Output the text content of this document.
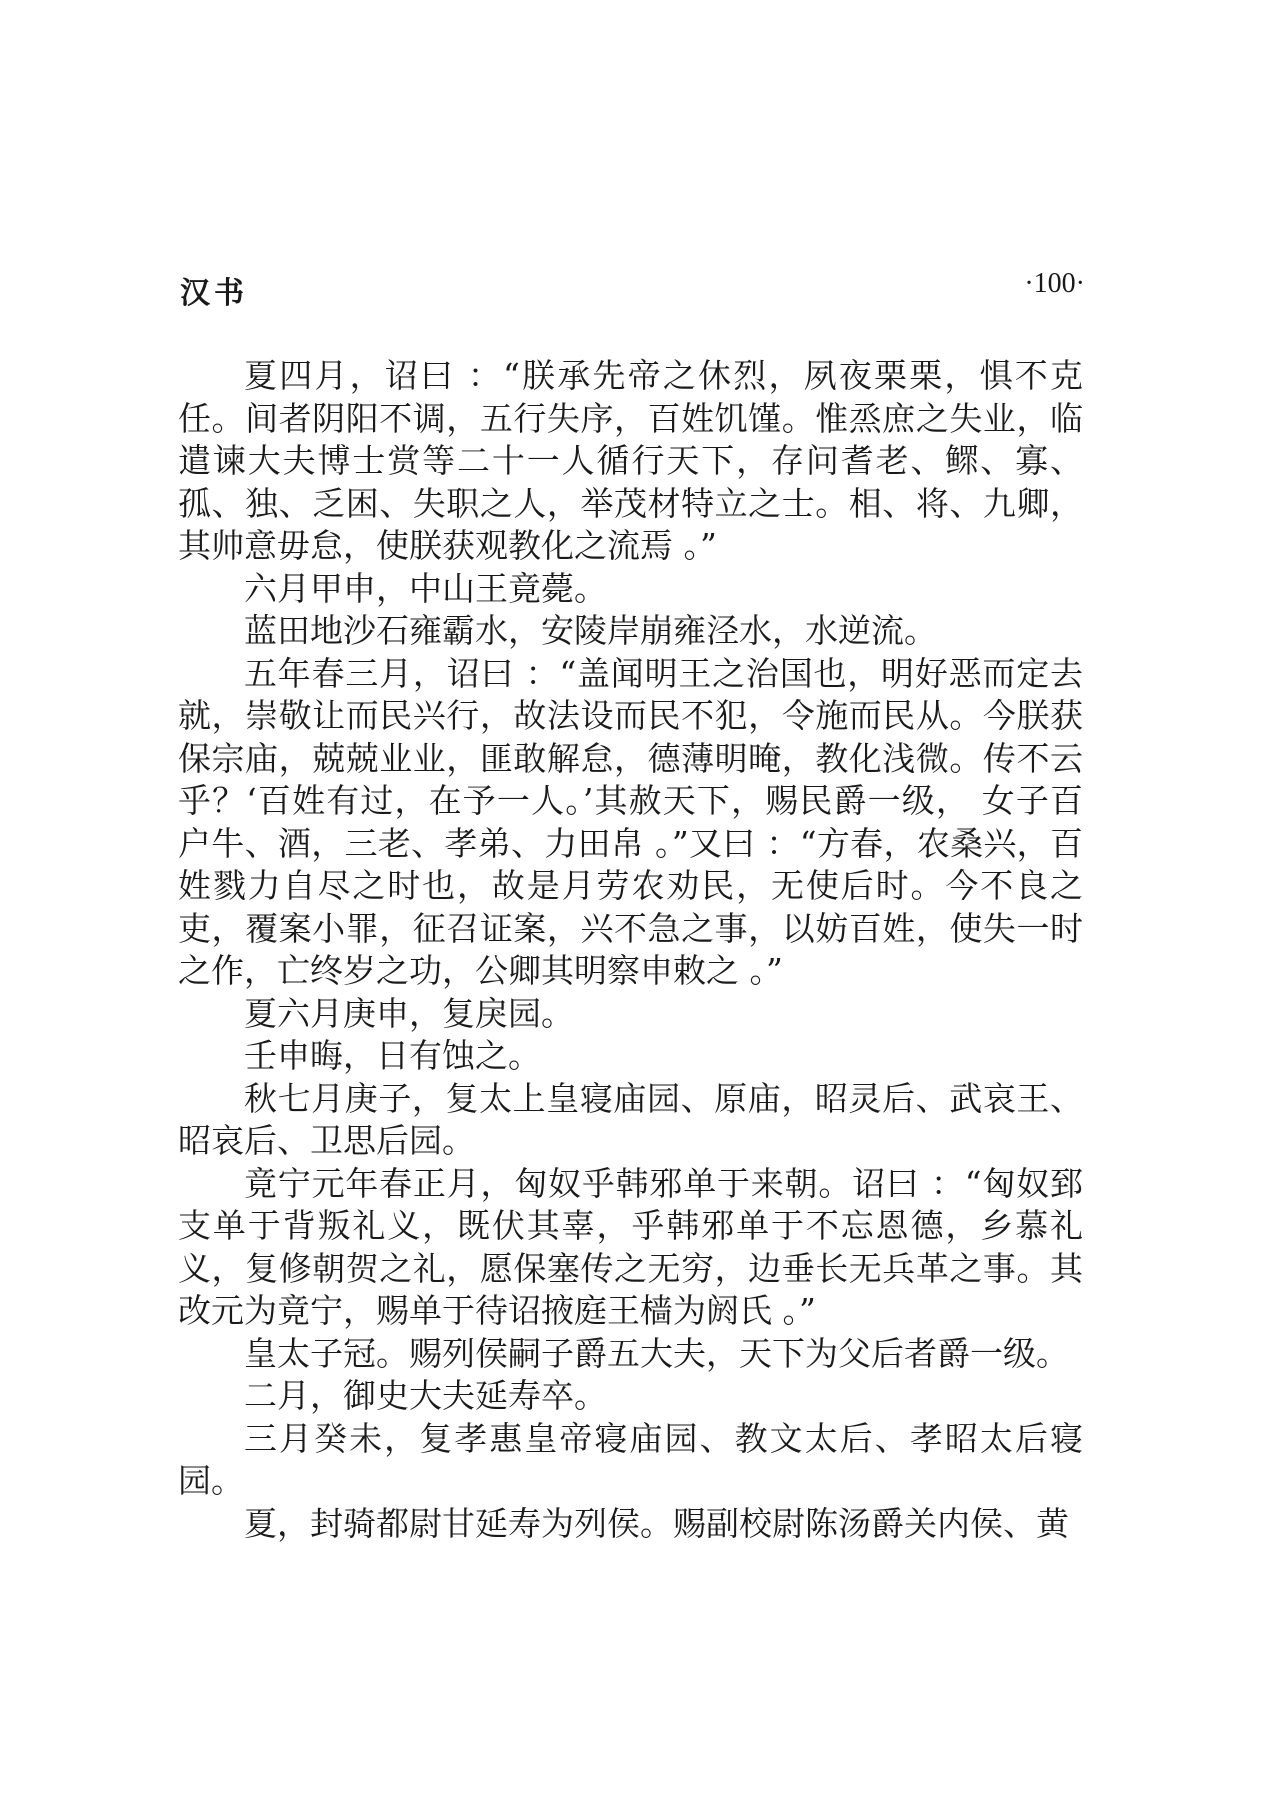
汉书	·100·

夏四月，诏曰 ：“朕承先帝之休烈，夙夜栗栗，惧不克任。间者阴阳不调，五行失序，百姓饥馑。惟烝庶之失业，临遣谏大夫博士赏等二十一人循行天下，存问耆老、鳏、寡、孤、独、乏困、失职之人，举茂材特立之士。相、将、九卿，其帅意毋怠，使朕获观教化之流焉 。”

六月甲申，中山王竟薨。

蓝田地沙石雍霸水，安陵岸崩雍泾水，水逆流。

五年春三月，诏曰 ：“盖闻明王之治国也，明好恶而定去就，崇敬让而民兴行，故法设而民不犯，令施而民从。今朕获保宗庙，兢兢业业，匪敢解怠，德薄明晻，教化浅微。传不云乎？‘百姓有过，在予一人。’其赦天下，赐民爵一级， 女子百户牛、酒，三老、孝弟、力田帛 。”又曰 ：“方春，农桑兴，百姓戮力自尽之时也，故是月劳农劝民，无使后时。今不良之吏，覆案小罪，征召证案，兴不急之事，以妨百姓，使失一时之作，亡终岁之功，公卿其明察申敕之 。”

夏六月庚申，复戾园。

壬申晦，日有蚀之。

秋七月庚子，复太上皇寝庙园、原庙，昭灵后、武哀王、昭哀后、卫思后园。

竟宁元年春正月，匈奴乎韩邪单于来朝。诏曰 ：“匈奴郅支单于背叛礼义，既伏其辜，乎韩邪单于不忘恩德，乡慕礼义，复修朝贺之礼，愿保塞传之无穷，边垂长无兵革之事。其改元为竟宁，赐单于待诏掖庭王樯为阏氏 。”

皇太子冠。赐列侯嗣子爵五大夫，天下为父后者爵一级。

二月，御史大夫延寿卒。

三月癸未，复孝惠皇帝寝庙园、教文太后、孝昭太后寝园。

夏，封骑都尉甘延寿为列侯。赐副校尉陈汤爵关内侯、黄
